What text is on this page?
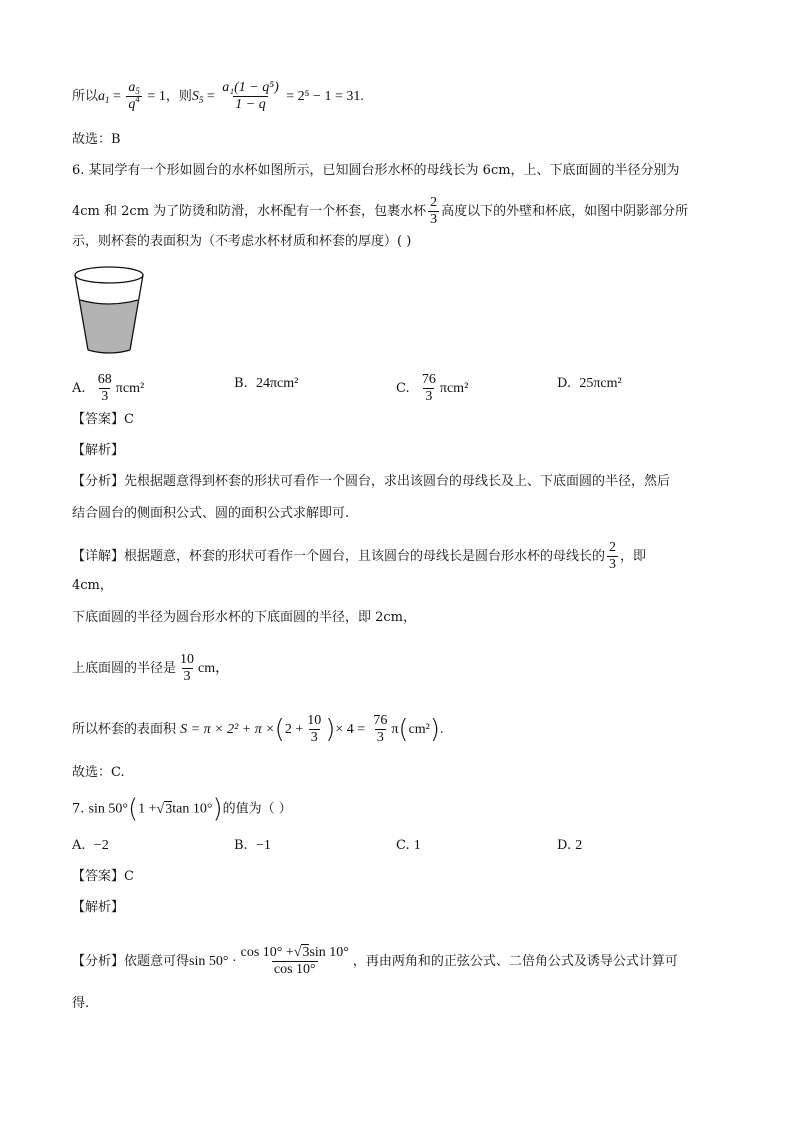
所以$a_1 = \frac{a_5}{q^4} = 1$，则$S_5 = \frac{\text{a₁(1 − q⁵)}}{1 - q} = 2^5 - 1 = 31$.
故选：B
6. 某同学有一个形如圆台的水杯如图所示，已知圆台形水杯的母线长为 6cm，上、下底面圆的半径分别为
4cm 和 2cm 为了防烫和防滑，水杯配有一个杯套，包裹水杯 $\frac{2}{3}$ 高度以下的外壁和杯底，如图中阴影部分所
示，则杯套的表面积为（不考虑水杯材质和杯套的厚度）( )
A. $\frac{68}{3} \pi cm^2$	B. 24πcm²	C. $\frac{76}{3} \pi cm^2$	D. 25πcm²
【答案】C
【解析】
【分析】先根据题意得到杯套的形状可看作一个圆台，求出该圆台的母线长及上、下底面圆的半径，然后
结合圆台的侧面积公式、圆的面积公式求解即可.
【详解】根据题意，杯套的形状可看作一个圆台，且该圆台的母线长是圆台形水杯的母线长的 $\frac{2}{3}$ ，即
4cm，
下底面圆的半径为圆台形水杯的下底面圆的半径，即 2cm，
上底面圆的半径是 $\frac{10}{3}$ cm，
所以杯套的表面积 $S = \pi \times 2^2 + \pi \times(2 + \frac{10}{3}$ )× $4 = \frac{76}{3} \pi(cm^2)$.
故选：C.
7. sin 50°(1 +√3tan 10°)的值为（ ）
A. −2	B. −1	C. 1	D. 2
【答案】C
【解析】
【分析】依题意可得$\sin 50^\circ \cdot \frac{\cos 10^\circ +√3\sin 10^\circ}{\cos 10^\circ}$ ，再由两角和的正弦公式、二倍角公式及诱导公式计算可
得.
